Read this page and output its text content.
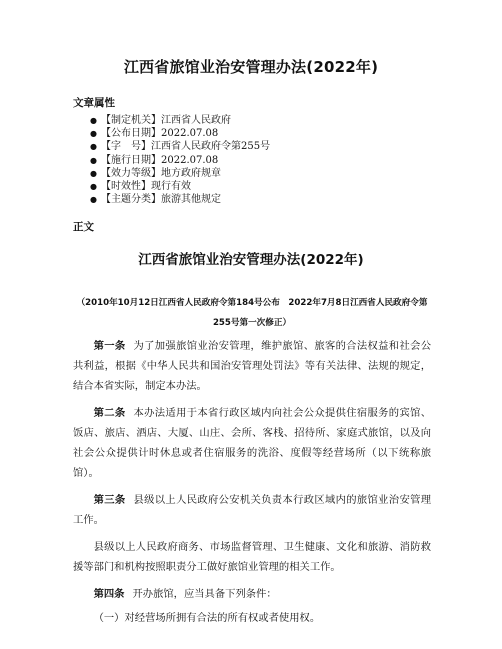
江西省旅馆业治安管理办法(2022年)
文章属性
● 【制定机关】江西省人民政府
● 【公布日期】2022.07.08
● 【字　号】江西省人民政府令第255号
● 【施行日期】2022.07.08
● 【效力等级】地方政府规章
● 【时效性】现行有效
● 【主题分类】旅游其他规定
正文
江西省旅馆业治安管理办法(2022年)
（2010年10月12日江西省人民政府令第184号公布　2022年7月8日江西省人民政府令第
255号第一次修正）

第一条 为了加强旅馆业治安管理，维护旅馆、旅客的合法权益和社会公共利益，根据《中华人民共和国治安管理处罚法》等有关法律、法规的规定，结合本省实际，制定本办法。

第二条 本办法适用于本省行政区域内向社会公众提供住宿服务的宾馆、饭店、旅店、酒店、大厦、山庄、会所、客栈、招待所、家庭式旅馆，以及向社会公众提供计时休息或者住宿服务的洗浴、度假等经营场所（以下统称旅馆）。

第三条 县级以上人民政府公安机关负责本行政区域内的旅馆业治安管理工作。

县级以上人民政府商务、市场监督管理、卫生健康、文化和旅游、消防救援等部门和机构按照职责分工做好旅馆业管理的相关工作。

第四条 开办旅馆，应当具备下列条件：

（一）对经营场所拥有合法的所有权或者使用权。
